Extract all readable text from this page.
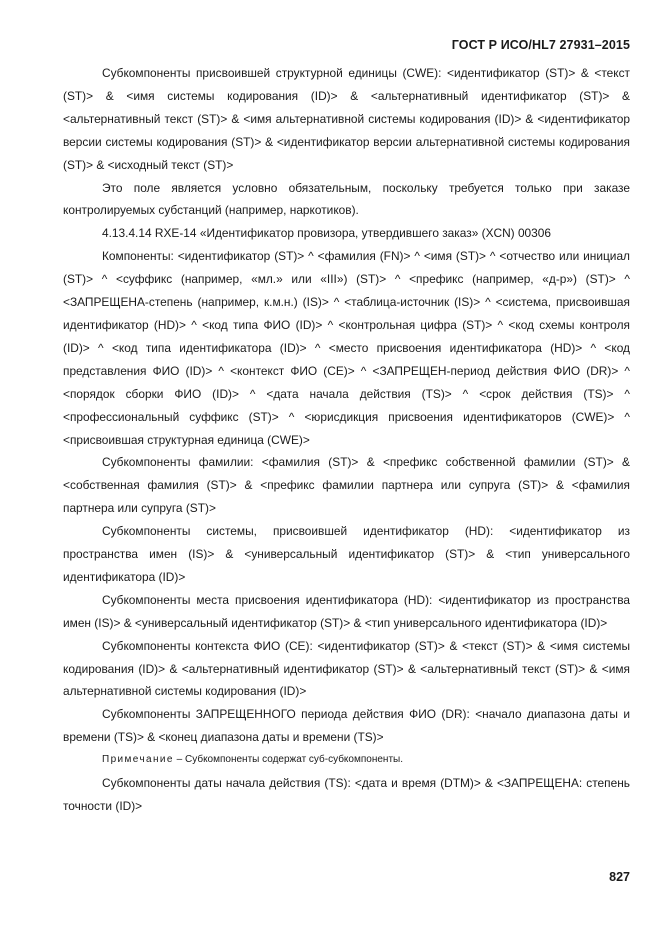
ГОСТ Р ИСО/HL7 27931–2015

Субкомпоненты присвоившей структурной единицы (CWE): <идентификатор (ST)> & <текст (ST)> & <имя системы кодирования (ID)> & <альтернативный идентификатор (ST)> & <альтернативный текст (ST)> & <имя альтернативной системы кодирования (ID)> & <идентификатор версии системы кодирования (ST)> & <идентификатор версии альтернативной системы кодирования (ST)> & <исходный текст (ST)>

Это поле является условно обязательным, поскольку требуется только при заказе контролируемых субстанций (например, наркотиков).

4.13.4.14 RXE-14 «Идентификатор провизора, утвердившего заказ» (XCN) 00306

Компоненты: <идентификатор (ST)> ^ <фамилия (FN)> ^ <имя (ST)> ^ <отчество или инициал (ST)> ^ <суффикс (например, «мл.» или «III») (ST)> ^ <префикс (например, «д-р») (ST)> ^ <ЗАПРЕЩЕНА-степень (например, к.м.н.) (IS)> ^ <таблица-источник (IS)> ^ <система, присвоившая идентификатор (HD)> ^ <код типа ФИО (ID)> ^ <контрольная цифра (ST)> ^ <код схемы контроля (ID)> ^ <код типа идентификатора (ID)> ^ <место присвоения идентификатора (HD)> ^ <код представления ФИО (ID)> ^ <контекст ФИО (CE)> ^ <ЗАПРЕЩЕН-период действия ФИО (DR)> ^ <порядок сборки ФИО (ID)> ^ <дата начала действия (TS)> ^ <срок действия (TS)> ^ <профессиональный суффикс (ST)> ^ <юрисдикция присвоения идентификаторов (CWE)> ^ <присвоившая структурная единица (CWE)>

Субкомпоненты фамилии: <фамилия (ST)> & <префикс собственной фамилии (ST)> & <собственная фамилия (ST)> & <префикс фамилии партнера или супруга (ST)> & <фамилия партнера или супруга (ST)>

Субкомпоненты системы, присвоившей идентификатор (HD): <идентификатор из пространства имен (IS)> & <универсальный идентификатор (ST)> & <тип универсального идентификатора (ID)>

Субкомпоненты места присвоения идентификатора (HD): <идентификатор из пространства имен (IS)> & <универсальный идентификатор (ST)> & <тип универсального идентификатора (ID)>

Субкомпоненты контекста ФИО (CE): <идентификатор (ST)> & <текст (ST)> & <имя системы кодирования (ID)> & <альтернативный идентификатор (ST)> & <альтернативный текст (ST)> & <имя альтернативной системы кодирования (ID)>

Субкомпоненты ЗАПРЕЩЕННОГО периода действия ФИО (DR): <начало диапазона даты и времени (TS)> & <конец диапазона даты и времени (TS)>

Примечание – Субкомпоненты содержат суб-субкомпоненты.

Субкомпоненты даты начала действия (TS): <дата и время (DTM)> & <ЗАПРЕЩЕНА: степень точности (ID)>

827
